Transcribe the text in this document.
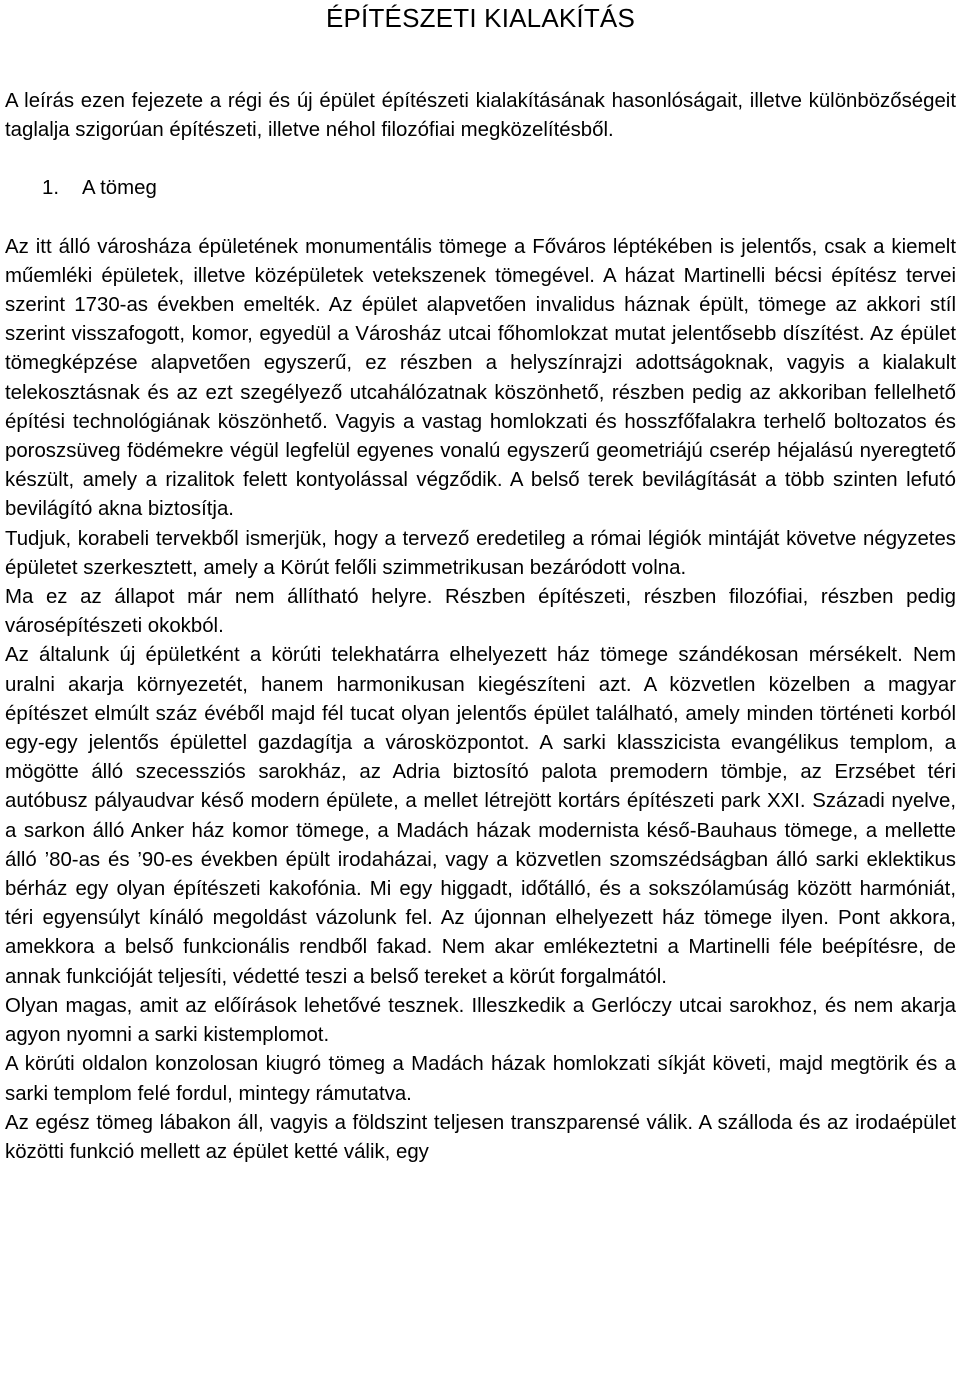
ÉPÍTÉSZETI KIALAKÍTÁS

A leírás ezen fejezete a régi és új épület építészeti kialakításának hasonlóságait, illetve különbözőségeit taglalja szigorúan építészeti, illetve néhol filozófiai megközelítésből.

1. A tömeg

Az itt álló városháza épületének monumentális tömege a Főváros léptékében is jelentős, csak a kiemelt műemléki épületek, illetve középületek vetekszenek tömegével. A házat Martinelli bécsi építész tervei szerint 1730-as években emelték. Az épület alapvetően invalidus háznak épült, tömege az akkori stíl szerint visszafogott, komor, egyedül a Városház utcai főhomlokzat mutat jelentősebb díszítést. Az épület tömegképzése alapvetően egyszerű, ez részben a helyszínrajzi adottságoknak, vagyis a kialakult telekosztásnak és az ezt szegélyező utcahálózatnak köszönhető, részben pedig az akkoriban fellelhető építési technológiának köszönhető. Vagyis a vastag homlokzati és hosszfőfalakra terhelő boltozatos és poroszsüveg födémekre végül legfelül egyenes vonalú egyszerű geometriájú cserép héjalású nyeregtető készült, amely a rizalitok felett kontyolással végződik. A belső terek bevilágítását a több szinten lefutó bevilágító akna biztosítja.

Tudjuk, korabeli tervekből ismerjük, hogy a tervező eredetileg a római légiók mintáját követve négyzetes épületet szerkesztett, amely a Körút felőli szimmetrikusan bezáródott volna.

Ma ez az állapot már nem állítható helyre. Részben építészeti, részben filozófiai, részben pedig városépítészeti okokból.

Az általunk új épületként a körúti telekhatárra elhelyezett ház tömege szándékosan mérsékelt. Nem uralni akarja környezetét, hanem harmonikusan kiegészíteni azt. A közvetlen közelben a magyar építészet elmúlt száz évéből majd fél tucat olyan jelentős épület található, amely minden történeti korból egy-egy jelentős épülettel gazdagítja a városközpontot. A sarki klasszicista evangélikus templom, a mögötte álló szecessziós sarokház, az Adria biztosító palota premodern tömbje, az Erzsébet téri autóbusz pályaudvar késő modern épülete, a mellet létrejött kortárs építészeti park XXI. Századi nyelve, a sarkon álló Anker ház komor tömege, a Madách házak modernista késő-Bauhaus tömege, a mellette álló ’80-as és ’90-es években épült irodaházai, vagy a közvetlen szomszédságban álló sarki eklektikus bérház egy olyan építészeti kakofónia. Mi egy higgadt, időtálló, és a sokszólamúság között harmóniát, téri egyensúlyt kínáló megoldást vázolunk fel. Az újonnan elhelyezett ház tömege ilyen. Pont akkora, amekkora a belső funkcionális rendből fakad. Nem akar emlékeztetni a Martinelli féle beépítésre, de annak funkcióját teljesíti, védetté teszi a belső tereket a körút forgalmától.

Olyan magas, amit az előírások lehetővé tesznek. Illeszkedik a Gerlóczy utcai sarokhoz, és nem akarja agyon nyomni a sarki kistemplomot.

A körúti oldalon konzolosan kiugró tömeg a Madách házak homlokzati síkját követi, majd megtörik és a sarki templom felé fordul, mintegy rámutatva.

Az egész tömeg lábakon áll, vagyis a földszint teljesen transzparensé válik. A szálloda és az irodaépület közötti funkció mellett az épület ketté válik, egy
